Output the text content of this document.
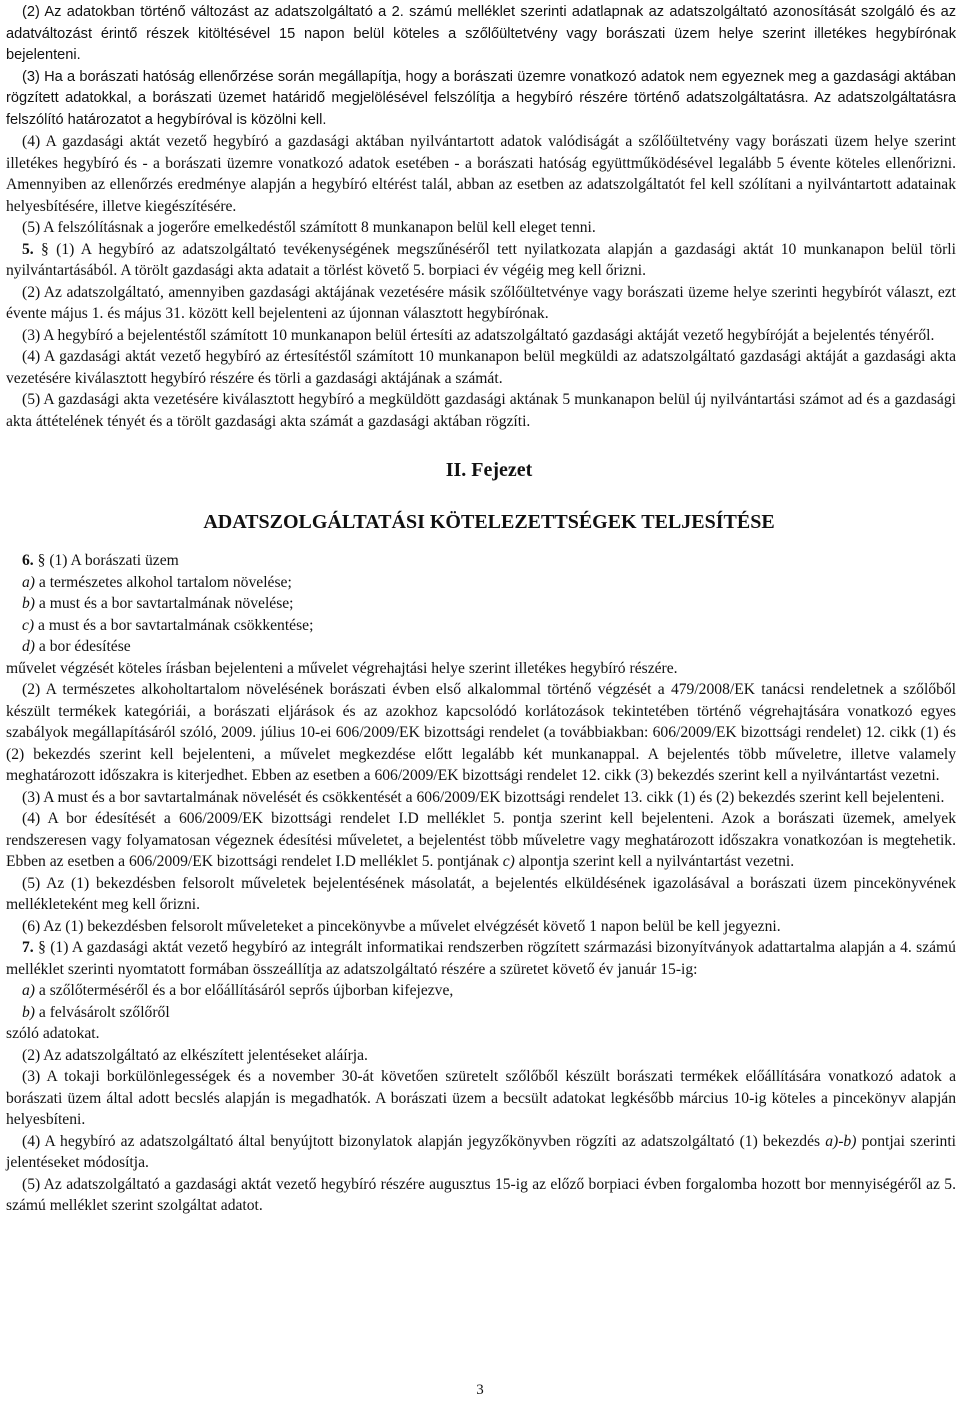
(2) Az adatokban történő változást az adatszolgáltató a 2. számú melléklet szerinti adatlapnak az adatszolgáltató azonosítását szolgáló és az adatváltozást érintő részek kitöltésével 15 napon belül köteles a szőlőültetvény vagy borászati üzem helye szerint illetékes hegybírónak bejelenteni.

(3) Ha a borászati hatóság ellenőrzése során megállapítja, hogy a borászati üzemre vonatkozó adatok nem egyeznek meg a gazdasági aktában rögzített adatokkal, a borászati üzemet határidő megjelölésével felszólítja a hegybíró részére történő adatszolgáltatásra. Az adatszolgáltatásra felszólító határozatot a hegybíróval is közölni kell.

(4) A gazdasági aktát vezető hegybíró a gazdasági aktában nyilvántartott adatok valódiságát a szőlőültetvény vagy borászati üzem helye szerint illetékes hegybíró és - a borászati üzemre vonatkozó adatok esetében - a borászati hatóság együttműködésével legalább 5 évente köteles ellenőrizni. Amennyiben az ellenőrzés eredménye alapján a hegybíró eltérést talál, abban az esetben az adatszolgáltatót fel kell szólítani a nyilvántartott adatainak helyesbítésére, illetve kiegészítésére.

(5) A felszólításnak a jogerőre emelkedéstől számított 8 munkanapon belül kell eleget tenni.

5. § (1) A hegybíró az adatszolgáltató tevékenységének megszűnéséről tett nyilatkozata alapján a gazdasági aktát 10 munkanapon belül törli nyilvántartásából. A törölt gazdasági akta adatait a törlést követő 5. borpiaci év végéig meg kell őrizni.

(2) Az adatszolgáltató, amennyiben gazdasági aktájának vezetésére másik szőlőültetvénye vagy borászati üzeme helye szerinti hegybírót választ, ezt évente május 1. és május 31. között kell bejelenteni az újonnan választott hegybírónak.

(3) A hegybíró a bejelentéstől számított 10 munkanapon belül értesíti az adatszolgáltató gazdasági aktáját vezető hegybíróját a bejelentés tényéről.

(4) A gazdasági aktát vezető hegybíró az értesítéstől számított 10 munkanapon belül megküldi az adatszolgáltató gazdasági aktáját a gazdasági akta vezetésére kiválasztott hegybíró részére és törli a gazdasági aktájának a számát.

(5) A gazdasági akta vezetésére kiválasztott hegybíró a megküldött gazdasági aktának 5 munkanapon belül új nyilvántartási számot ad és a gazdasági akta áttételének tényét és a törölt gazdasági akta számát a gazdasági aktában rögzíti.

II. Fejezet

ADATSZOLGÁLTATÁSI KÖTELEZETTSÉGEK TELJESÍTÉSE

6. § (1) A borászati üzem

a) a természetes alkohol tartalom növelése;

b) a must és a bor savtartalmának növelése;

c) a must és a bor savtartalmának csökkentése;

d) a bor édesítése

művelet végzését köteles írásban bejelenteni a művelet végrehajtási helye szerint illetékes hegybíró részére.

(2) A természetes alkoholtartalom növelésének borászati évben első alkalommal történő végzését a 479/2008/EK tanácsi rendeletnek a szőlőből készült termékek kategóriái, a borászati eljárások és az azokhoz kapcsolódó korlátozások tekintetében történő végrehajtására vonatkozó egyes szabályok megállapításáról szóló, 2009. július 10-ei 606/2009/EK bizottsági rendelet (a továbbiakban: 606/2009/EK bizottsági rendelet) 12. cikk (1) és (2) bekezdés szerint kell bejelenteni, a művelet megkezdése előtt legalább két munkanappal. A bejelentés több műveletre, illetve valamely meghatározott időszakra is kiterjedhet. Ebben az esetben a 606/2009/EK bizottsági rendelet 12. cikk (3) bekezdés szerint kell a nyilvántartást vezetni.

(3) A must és a bor savtartalmának növelését és csökkentését a 606/2009/EK bizottsági rendelet 13. cikk (1) és (2) bekezdés szerint kell bejelenteni.

(4) A bor édesítését a 606/2009/EK bizottsági rendelet I.D melléklet 5. pontja szerint kell bejelenteni. Azok a borászati üzemek, amelyek rendszeresen vagy folyamatosan végeznek édesítési műveletet, a bejelentést több műveletre vagy meghatározott időszakra vonatkozóan is megtehetik. Ebben az esetben a 606/2009/EK bizottsági rendelet I.D melléklet 5. pontjának c) alpontja szerint kell a nyilvántartást vezetni.

(5) Az (1) bekezdésben felsorolt műveletek bejelentésének másolatát, a bejelentés elküldésének igazolásával a borászati üzem pincekönyvének mellékleteként meg kell őrizni.

(6) Az (1) bekezdésben felsorolt műveleteket a pincekönyvbe a művelet elvégzését követő 1 napon belül be kell jegyezni.

7. § (1) A gazdasági aktát vezető hegybíró az integrált informatikai rendszerben rögzített származási bizonyítványok adattartalma alapján a 4. számú melléklet szerinti nyomtatott formában összeállítja az adatszolgáltató részére a szüretet követő év január 15-ig:

a) a szőlőterméséről és a bor előállításáról seprős újborban kifejezve,

b) a felvásárolt szőlőről

szóló adatokat.

(2) Az adatszolgáltató az elkészített jelentéseket aláírja.

(3) A tokaji borkülönlegességek és a november 30-át követően szüretelt szőlőből készült borászati termékek előállítására vonatkozó adatok a borászati üzem által adott becslés alapján is megadhatók. A borászati üzem a becsült adatokat legkésőbb március 10-ig köteles a pincekönyv alapján helyesbíteni.

(4) A hegybíró az adatszolgáltató által benyújtott bizonylatok alapján jegyzőkönyvben rögzíti az adatszolgáltató (1) bekezdés a)-b) pontjai szerinti jelentéseket módosítja.

(5) Az adatszolgáltató a gazdasági aktát vezető hegybíró részére augusztus 15-ig az előző borpiaci évben forgalomba hozott bor mennyiségéről az 5. számú melléklet szerint szolgáltat adatot.

3
